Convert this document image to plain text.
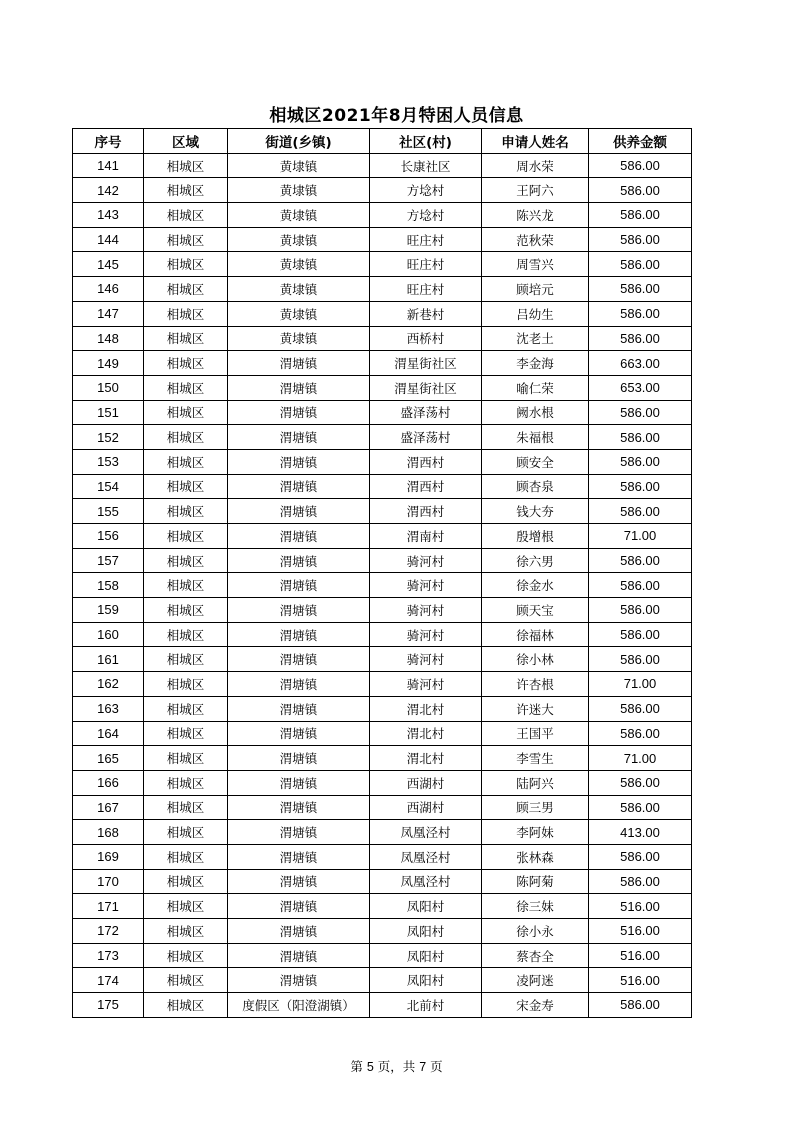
相城区2021年8月特困人员信息
序号	区域	街道(乡镇)	社区(村)	申请人姓名	供养金额
141	相城区	黄埭镇	长康社区	周水荣	586.00
142	相城区	黄埭镇	方埝村	王阿六	586.00
143	相城区	黄埭镇	方埝村	陈兴龙	586.00
144	相城区	黄埭镇	旺庄村	范秋荣	586.00
145	相城区	黄埭镇	旺庄村	周雪兴	586.00
146	相城区	黄埭镇	旺庄村	顾培元	586.00
147	相城区	黄埭镇	新巷村	吕幼生	586.00
148	相城区	黄埭镇	西桥村	沈老土	586.00
149	相城区	渭塘镇	渭星街社区	李金海	663.00
150	相城区	渭塘镇	渭星街社区	喻仁荣	653.00
151	相城区	渭塘镇	盛泽荡村	阙水根	586.00
152	相城区	渭塘镇	盛泽荡村	朱福根	586.00
153	相城区	渭塘镇	渭西村	顾安全	586.00
154	相城区	渭塘镇	渭西村	顾杏泉	586.00
155	相城区	渭塘镇	渭西村	钱大夯	586.00
156	相城区	渭塘镇	渭南村	殷增根	71.00
157	相城区	渭塘镇	骑河村	徐六男	586.00
158	相城区	渭塘镇	骑河村	徐金水	586.00
159	相城区	渭塘镇	骑河村	顾天宝	586.00
160	相城区	渭塘镇	骑河村	徐福林	586.00
161	相城区	渭塘镇	骑河村	徐小林	586.00
162	相城区	渭塘镇	骑河村	许杏根	71.00
163	相城区	渭塘镇	渭北村	许迷大	586.00
164	相城区	渭塘镇	渭北村	王国平	586.00
165	相城区	渭塘镇	渭北村	李雪生	71.00
166	相城区	渭塘镇	西湖村	陆阿兴	586.00
167	相城区	渭塘镇	西湖村	顾三男	586.00
168	相城区	渭塘镇	凤凰泾村	李阿妹	413.00
169	相城区	渭塘镇	凤凰泾村	张林森	586.00
170	相城区	渭塘镇	凤凰泾村	陈阿菊	586.00
171	相城区	渭塘镇	凤阳村	徐三妹	516.00
172	相城区	渭塘镇	凤阳村	徐小永	516.00
173	相城区	渭塘镇	凤阳村	蔡杏全	516.00
174	相城区	渭塘镇	凤阳村	凌阿迷	516.00
175	相城区	度假区（阳澄湖镇）	北前村	宋金寿	586.00
第 5 页，共 7 页
